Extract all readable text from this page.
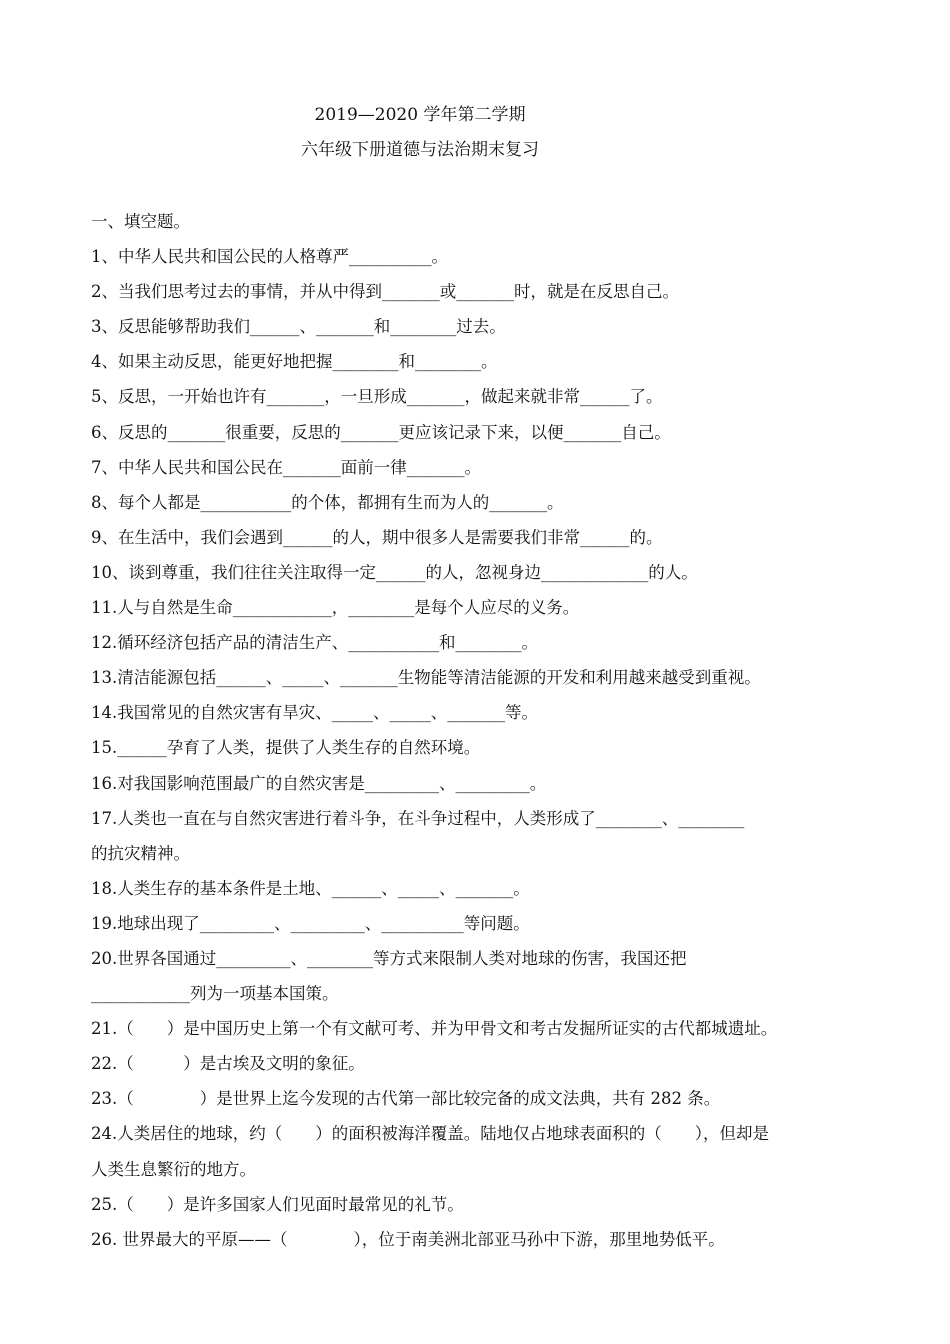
2019—2020 学年第二学期
六年级下册道德与法治期末复习
一、填空题。
1、中华人民共和国公民的人格尊严__________。
2、当我们思考过去的事情，并从中得到_______或_______时，就是在反思自己。
3、反思能够帮助我们______、_______和________过去。
4、如果主动反思，能更好地把握________和________。
5、反思，一开始也许有_______，一旦形成_______，做起来就非常______了。
6、反思的_______很重要，反思的_______更应该记录下来，以便_______自己。
7、中华人民共和国公民在_______面前一律_______。
8、每个人都是___________的个体，都拥有生而为人的_______。
9、在生活中，我们会遇到______的人，期中很多人是需要我们非常______的。
10、谈到尊重，我们往往关注取得一定______的人，忽视身边_____________的人。
11.人与自然是生命____________，________是每个人应尽的义务。
12.循环经济包括产品的清洁生产、___________和________。
13.清洁能源包括______、_____、_______生物能等清洁能源的开发和利用越来越受到重视。
14.我国常见的自然灾害有旱灾、_____、_____、_______等。
15.______孕育了人类，提供了人类生存的自然环境。
16.对我国影响范围最广的自然灾害是_________、_________。
17.人类也一直在与自然灾害进行着斗争，在斗争过程中，人类形成了________、________
的抗灾精神。
18.人类生存的基本条件是土地、______、_____、_______。
19.地球出现了_________、_________、__________等问题。
20.世界各国通过_________、________等方式来限制人类对地球的伤害，我国还把
____________列为一项基本国策。
21.（　　）是中国历史上第一个有文献可考、并为甲骨文和考古发掘所证实的古代都城遗址。
22.（　　　）是古埃及文明的象征。
23.（　　　　）是世界上迄今发现的古代第一部比较完备的成文法典，共有 282 条。
24.人类居住的地球，约（　　）的面积被海洋覆盖。陆地仅占地球表面积的（　　），但却是
人类生息繁衍的地方。
25.（　　）是许多国家人们见面时最常见的礼节。
26. 世界最大的平原——（　　　　），位于南美洲北部亚马孙中下游，那里地势低平。
